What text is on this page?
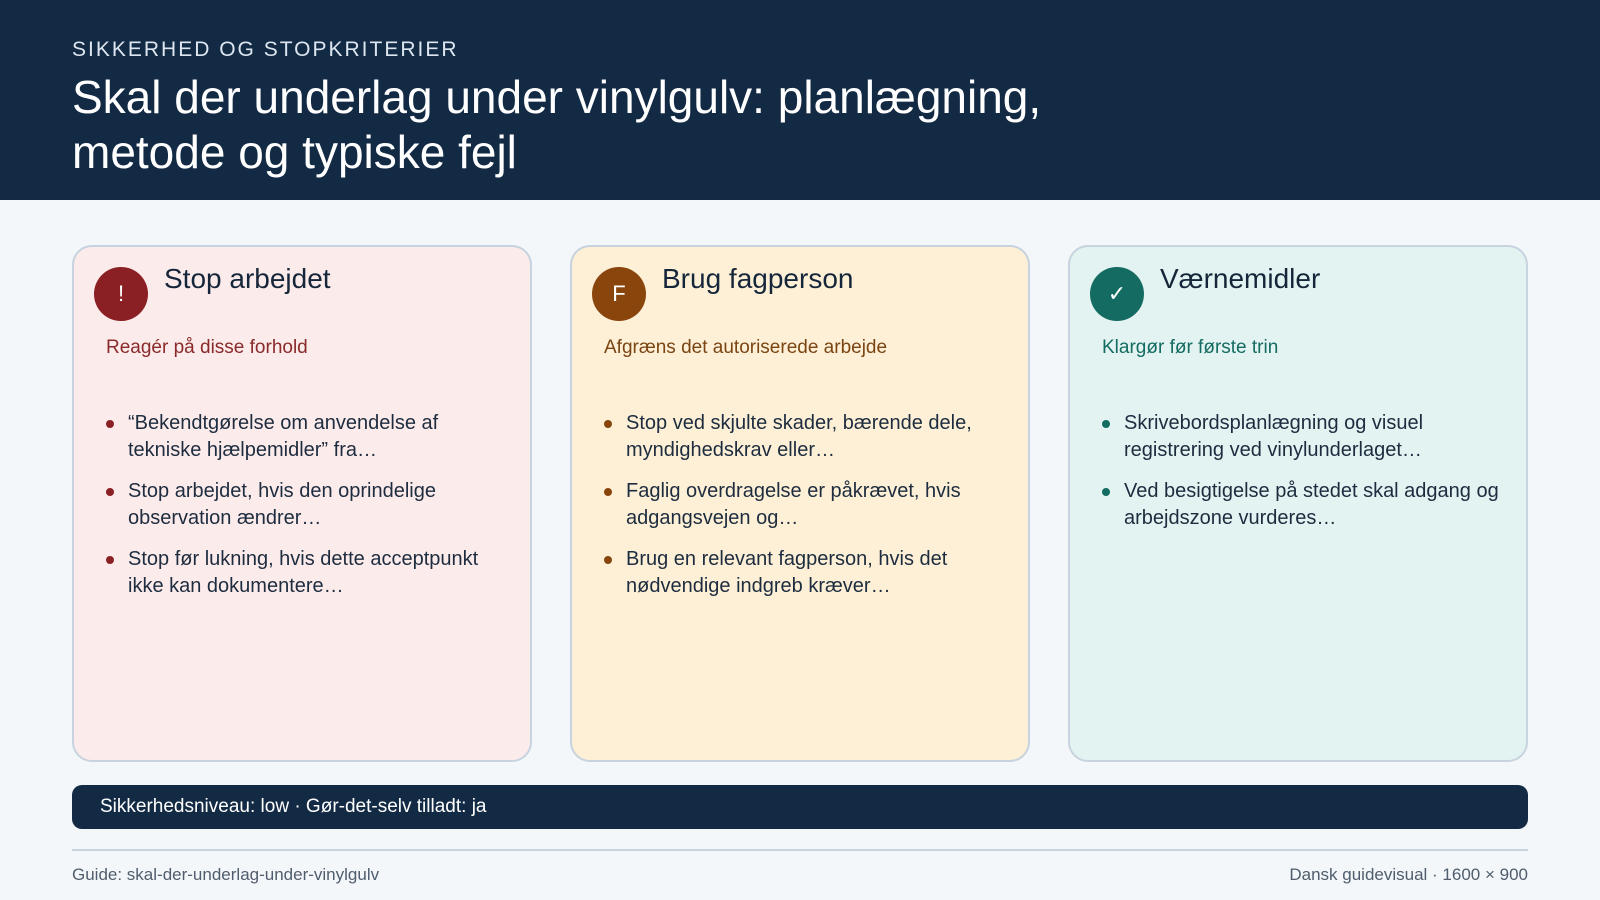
SIKKERHED OG STOPKRITERIER
Skal der underlag under vinylgulv: planlægning, metode og typiske fejl
!	Stop arbejdet
Reagér på disse forhold
“Bekendtgørelse om anvendelse af tekniske hjælpemidler” fra…
Stop arbejdet, hvis den oprindelige observation ændrer…
Stop før lukning, hvis dette acceptpunkt ikke kan dokumentere…
F	Brug fagperson
Afgræns det autoriserede arbejde
Stop ved skjulte skader, bærende dele, myndighedskrav eller…
Faglig overdragelse er påkrævet, hvis adgangsvejen og…
Brug en relevant fagperson, hvis det nødvendige indgreb kræver…
✓	Værnemidler
Klargør før første trin
Skrivebordsplanlægning og visuel registrering ved vinylunderlaget…
Ved besigtigelse på stedet skal adgang og arbejdszone vurderes…
Sikkerhedsniveau: low · Gør-det-selv tilladt: ja
Guide: skal-der-underlag-under-vinylgulv	Dansk guidevisual · 1600 × 900
